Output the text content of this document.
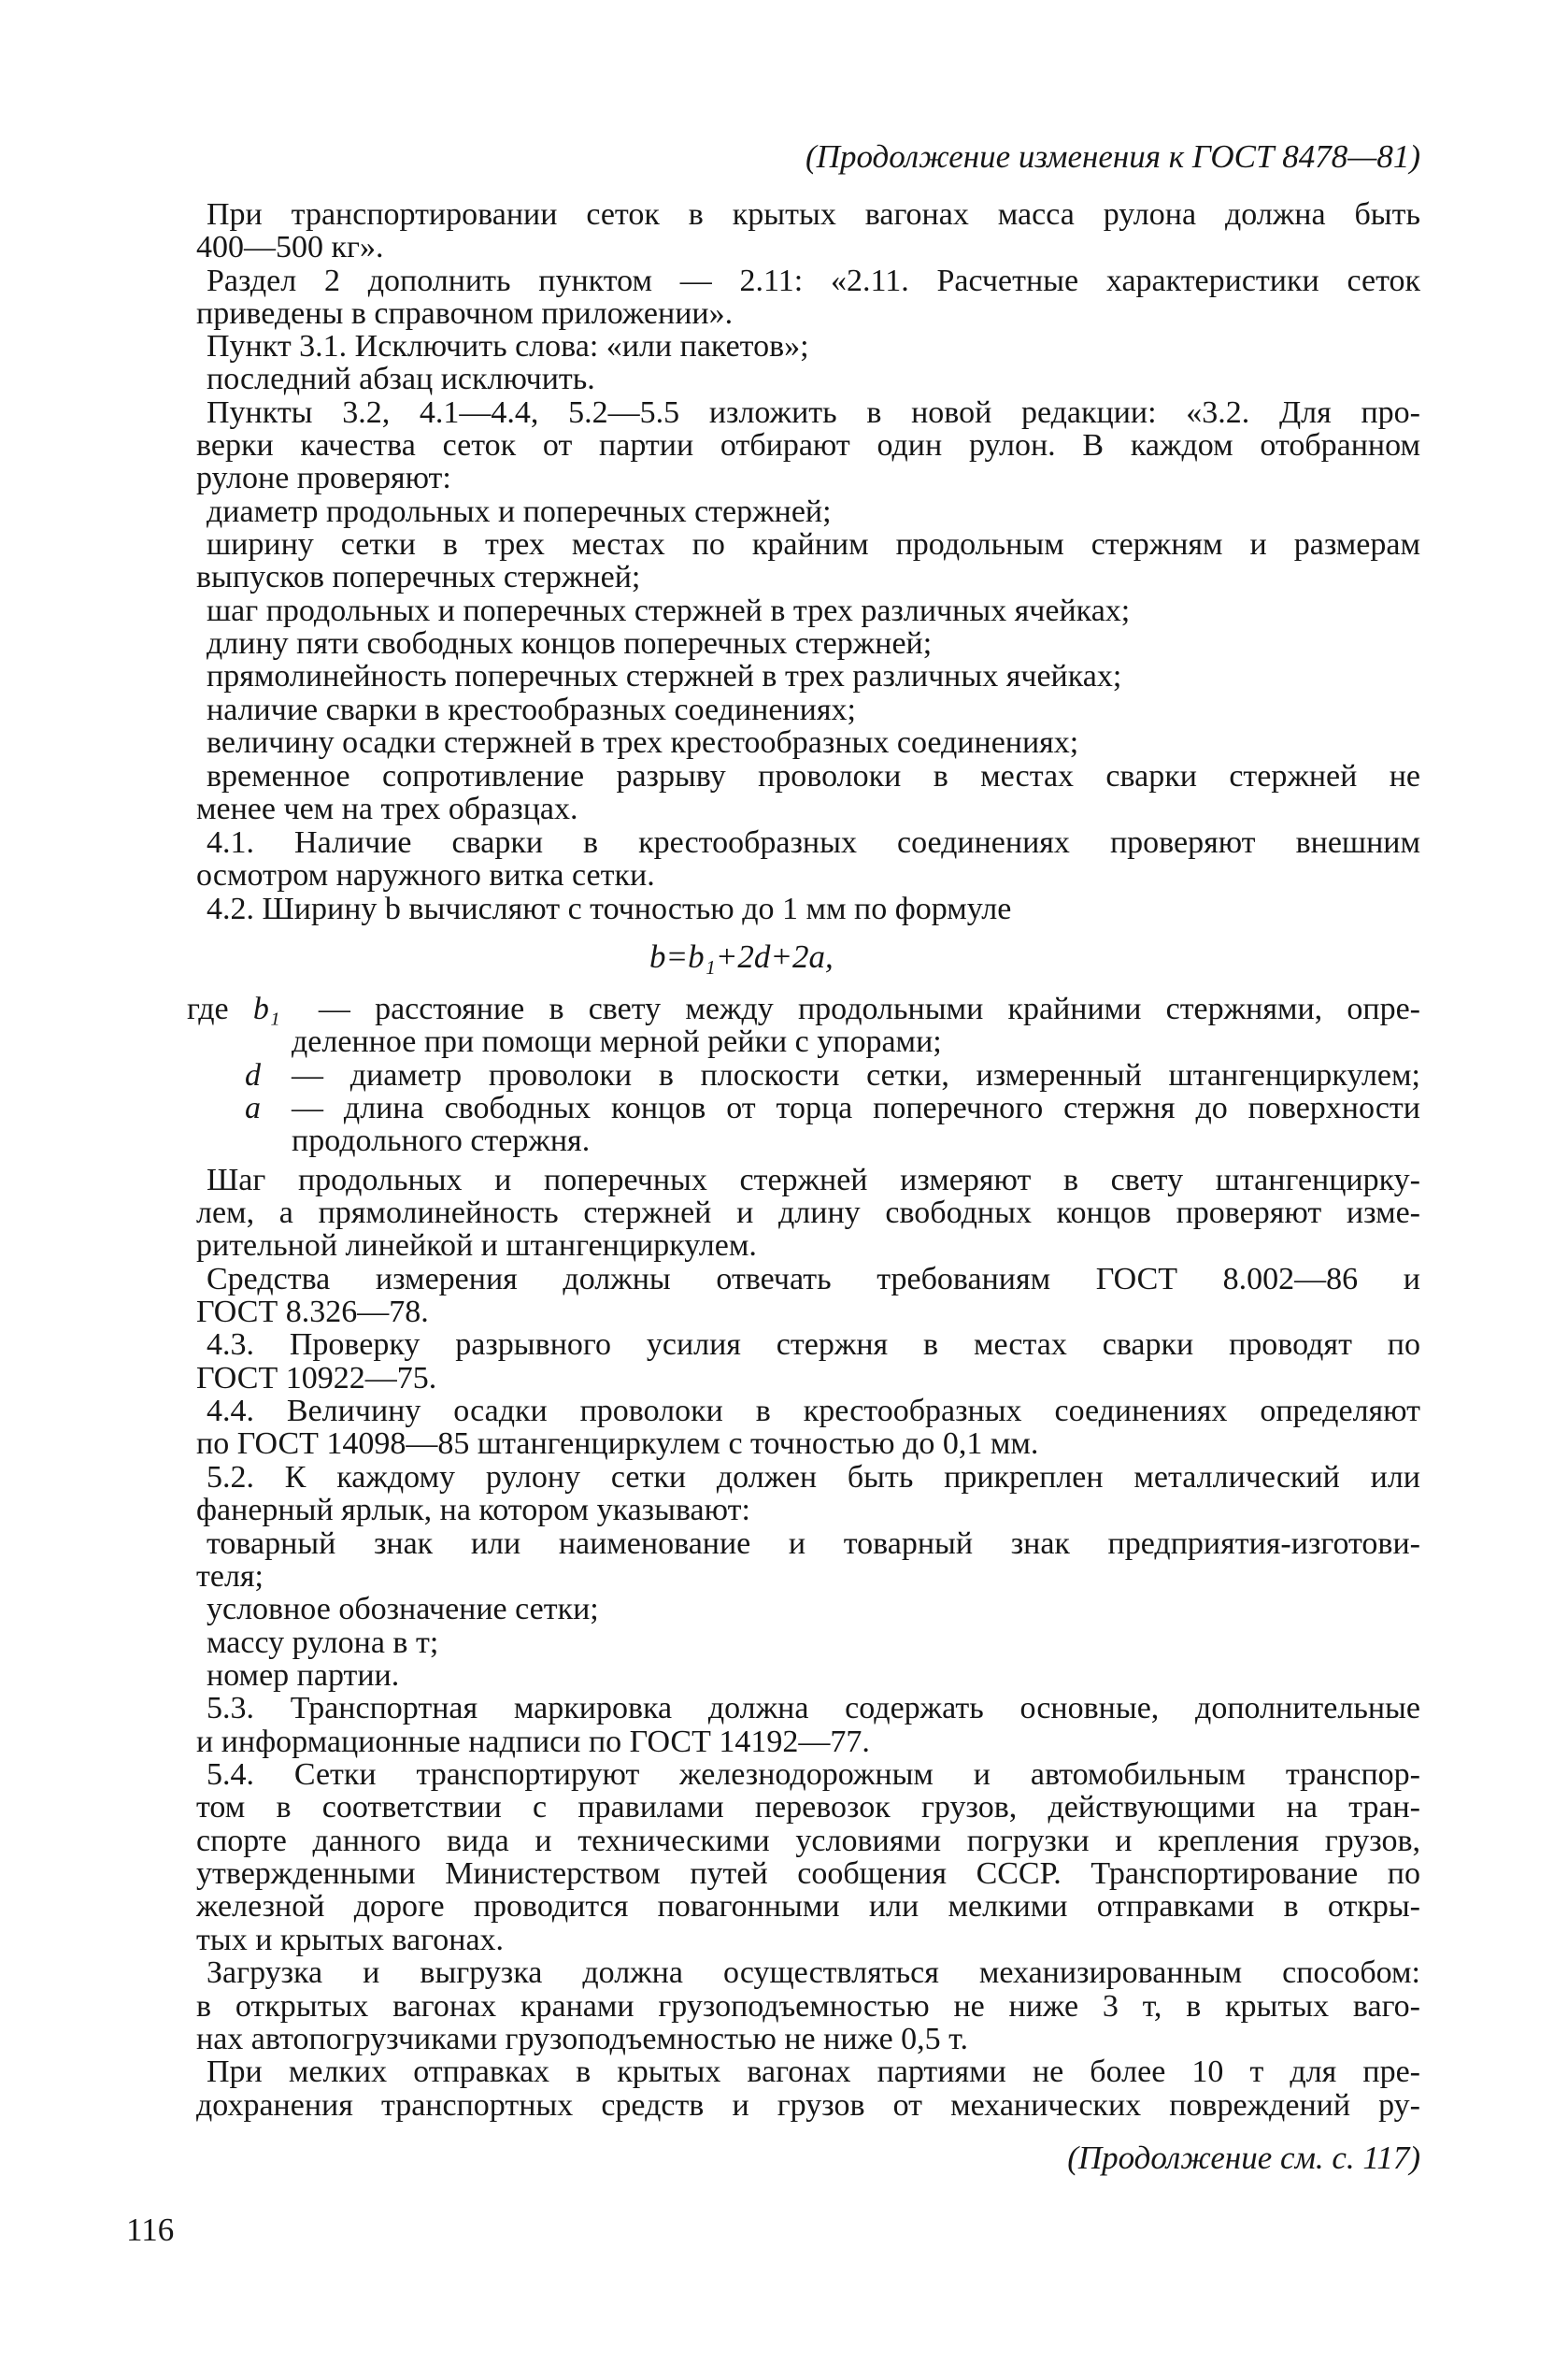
(Продолжение изменения к ГОСТ 8478—81)
При транспортировании сеток в крытых вагонах масса рулона должна быть
400—500 кг».
Раздел 2 дополнить пунктом — 2.11: «2.11. Расчетные характеристики сеток
приведены в справочном приложении».
Пункт 3.1. Исключить слова: «или пакетов»;
последний абзац исключить.
Пункты 3.2, 4.1—4.4, 5.2—5.5 изложить в новой редакции: «3.2. Для про-
верки качества сеток от партии отбирают один рулон. В каждом отобранном
рулоне проверяют:
диаметр продольных и поперечных стержней;
ширину сетки в трех местах по крайним продольным стержням и размерам
выпусков поперечных стержней;
шаг продольных и поперечных стержней в трех различных ячейках;
длину пяти свободных концов поперечных стержней;
прямолинейность поперечных стержней в трех различных ячейках;
наличие сварки в крестообразных соединениях;
величину осадки стержней в трех крестообразных соединениях;
временное сопротивление разрыву проволоки в местах сварки стержней не
менее чем на трех образцах.
4.1. Наличие сварки в крестообразных соединениях проверяют внешним
осмотром наружного витка сетки.
4.2. Ширину b вычисляют с точностью до 1 мм по формуле
b=b₁+2d+2a,
где b₁ — расстояние в свету между продольными крайними стержнями, опре-
деленное при помощи мерной рейки с упорами;
d — диаметр проволоки в плоскости сетки, измеренный штангенциркулем;
a — длина свободных концов от торца поперечного стержня до поверхности
продольного стержня.
Шаг продольных и поперечных стержней измеряют в свету штангенцирку-
лем, а прямолинейность стержней и длину свободных концов проверяют изме-
рительной линейкой и штангенциркулем.
Средства измерения должны отвечать требованиям ГОСТ 8.002—86 и
ГОСТ 8.326—78.
4.3. Проверку разрывного усилия стержня в местах сварки проводят по
ГОСТ 10922—75.
4.4. Величину осадки проволоки в крестообразных соединениях определяют
по ГОСТ 14098—85 штангенциркулем с точностью до 0,1 мм.
5.2. К каждому рулону сетки должен быть прикреплен металлический или
фанерный ярлык, на котором указывают:
товарный знак или наименование и товарный знак предприятия-изготови-
теля;
условное обозначение сетки;
массу рулона в т;
номер партии.
5.3. Транспортная маркировка должна содержать основные, дополнительные
и информационные надписи по ГОСТ 14192—77.
5.4. Сетки транспортируют железнодорожным и автомобильным транспор-
том в соответствии с правилами перевозок грузов, действующими на тран-
спорте данного вида и техническими условиями погрузки и крепления грузов,
утвержденными Министерством путей сообщения СССР. Транспортирование по
железной дороге проводится повагонными или мелкими отправками в откры-
тых и крытых вагонах.
Загрузка и выгрузка должна осуществляться механизированным способом:
в открытых вагонах кранами грузоподъемностью не ниже 3 т, в крытых ваго-
нах автопогрузчиками грузоподъемностью не ниже 0,5 т.
При мелких отправках в крытых вагонах партиями не более 10 т для пре-
дохранения транспортных средств и грузов от механических повреждений ру-
(Продолжение см. с. 117)
116
